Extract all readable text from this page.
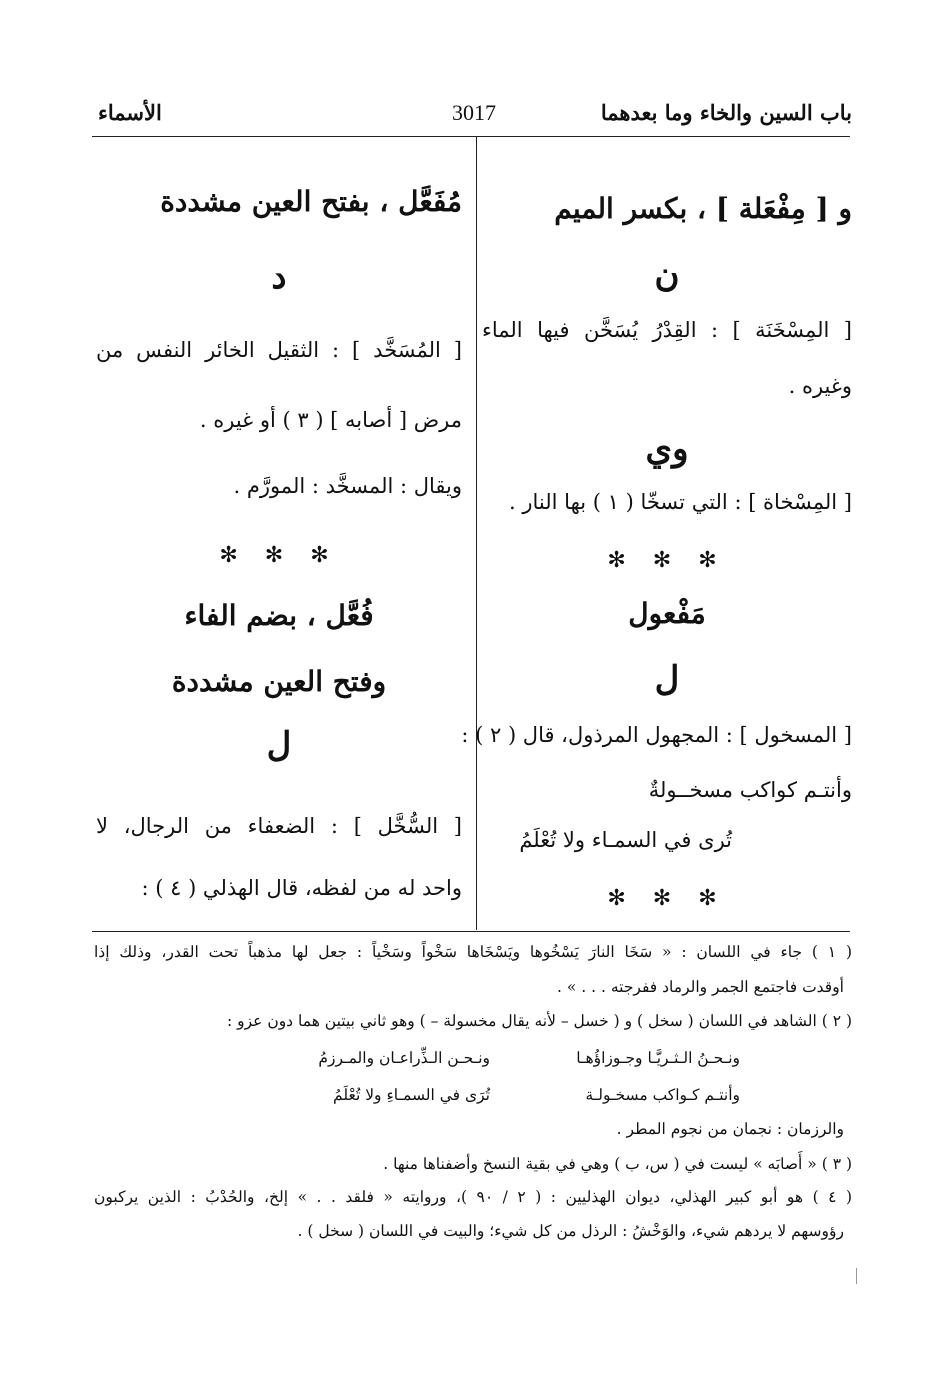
باب السين والخاء وما بعدهما
3017
الأسماء
و [ مِفْعَلة ] ، بكسر الميم
ن
[ المِسْخَنَة ] : القِدْرُ يُسَخَّن فيها الماء
وغيره .
وي
[ المِسْخاة ] : التي تسخّا ( ١ ) بها النار .
✻ ✻ ✻
مَفْعول
ل
[ المسخول ] : المجهول المرذول، قال ( ٢ ) :
وأنتـم كواكب مسخــولةٌ
تُرى في السمـاء ولا تُعْلَمُ
✻ ✻ ✻
مُفَعَّل ، بفتح العين مشددة
د
[ المُسَخَّد ] : الثقيل الخائر النفس من
مرض [ أصابه ] ( ٣ ) أو غيره .
ويقال : المسخَّد : المورَّم .
✻ ✻ ✻
فُعَّل ، بضم الفاء
وفتح العين مشددة
ل
[ السُّخَّل ] : الضعفاء من الرجال، لا
واحد له من لفظه، قال الهذلي ( ٤ ) :
( ١ ) جاء في اللسان : « سَخَا النارَ يَسْخُوها ويَسْخَاها سَخْواً وسَخْياً : جعل لها مذهباً تحت القدر، وذلك إذا
أوقدت فاجتمع الجمر والرماد ففرجته . . . » .
( ٢ ) الشاهد في اللسان ( سخل ) و ( خسل – لأنه يقال مخسولة – ) وهو ثاني بيتين هما دون عزو :
ونـحـنُ الـثـريَّـا وجـوزاؤُهـا
ونـحـن الـذِّراعـان والمـرزمُ
وأنتـم كـواكب مسخـولـة
تُرَى في السمـاءِ ولا تُعْلَمُ
والرزمان : نجمان من نجوم المطر .
( ٣ ) « أَصابَه » ليست في ( س، ب ) وهي في بقية النسخ وأضفناها منها .
( ٤ ) هو أبو كبير الهذلي، ديوان الهذليين : ( ٢ / ٩٠ )، وروايته « فلقد . . » إلخ، والحُدْبُ : الذين يركبون
رؤوسهم لا يردهم شيء، والوَخْشُ : الرذل من كل شيء؛ والبيت في اللسان ( سخل ) .
